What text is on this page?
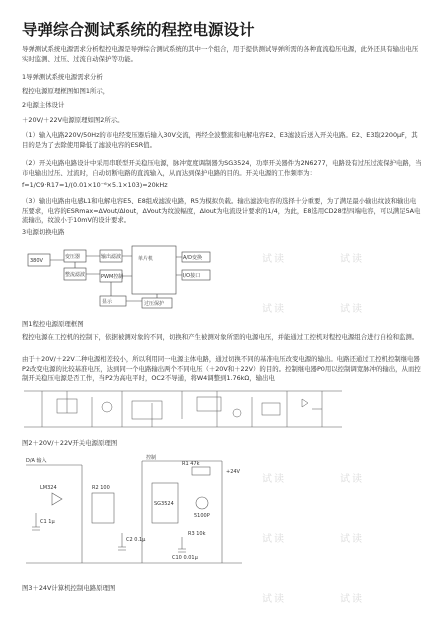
导弹综合测试系统的程控电源设计
导弹测试系统电源需求分析程控电源是导弹综合测试系统的其中一个组合，用于提供测试导弹所需的各种直流稳压电源，此外还具有输出电压实时监测、过压、过流自动保护等功能。
1导弹测试系统电源需求分析
程控电源原理框图如图1所示，
2电源主体设计
＋20V/＋22V电源原理如图2所示。
（1）输入电路220V/50Hz的市电经变压器后输入30V交流，再经全波整流和电解电容E2、E3滤波后送入开关电路。E2、E3取2200μF，其目的是为了去除使用降低了滤波电容的ESR值。
（2）开关电路电路设计中采用串联型开关稳压电源，脉冲宽度调制器为SG3524，功率开关器件为2N6277，电路设有过压过流保护电路，当市电输出过压、过流时，自动切断电路的直流输入，从而达到保护电路的目的。开关电源的工作频率为：
f=1/C9·R17=1/(0.01×10⁻⁶×5.1×103)=20kHz
（3）输出电路由电感L1和电解电容E5、E8组成滤波电路，R5为模拟负载。输出滤波电容的选择十分重要，为了满足最小输出纹波和输出电压要求，电容的ESRmax=ΔVout/ΔIout，ΔVout为纹波幅度，ΔIout为电流设计要求的1/4，为此，E8选用CD28型四端电容，可以满足5A电流输出，纹波小于10mV的设计要求。
3电源切换电路
380V
变压器
整流滤波
输出滤波
PWM控制
单片机	A/D变换
I/O接口
显示	过压保护
图1程控电源原理框图
程控电源在工控机的控制下，依据被测对象的不同，切换和产生被测对象所需的电源电压，并能通过工控机对程控电源组合进行自检和监测。
由于＋20V/＋22V二种电源相差较小，所以利用同一电源主体电路，通过切换不同的基准电压改变电源的输出。电路还通过工控机控制继电器P2改变电源的比较基准电压，达到同一个电路输出两个不同电压（＋20V和＋22V）的目的。控制继电器P0用以控制调宽脉冲的输出，从而控制开关稳压电源是否工作，当P2为高电平时，OC2不导通，将W4调整到1.76kΩ，输出电
图2＋20V/＋22V开关电源原理图
D/A 输入	控制
R1 47k
LM324
C1 1μ
C2 0.1μ
R2 100
R3 10k
SG3524
5100P
C10 0.01μ
+24V
图3＋24V计算机控制电路原理图
试读	试读
试读	试读
试读	试读
试读	试读
试读	试读
